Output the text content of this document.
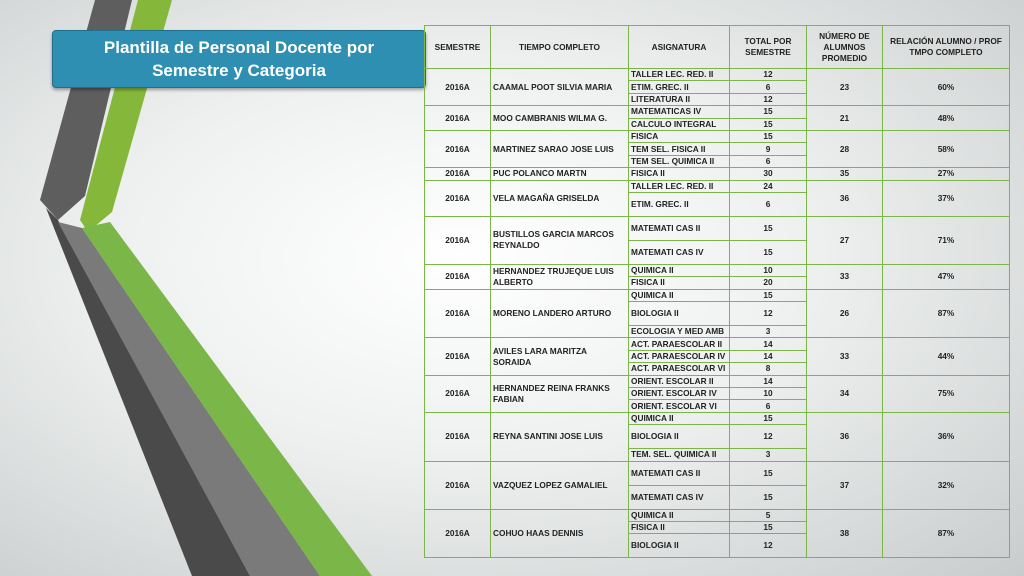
Plantilla de Personal Docente por
Semestre y Categoria
SEMESTRE	TIEMPO COMPLETO	ASIGNATURA	TOTAL POR SEMESTRE	NÚMERO DE ALUMNOS PROMEDIO	RELACIÓN ALUMNO / PROF TMPO COMPLETO
2016A	CAAMAL POOT SILVIA MARIA	TALLER LEC. RED. II	12	23	60%
		ETIM. GREC. II	6		
		LITERATURA II	12		
2016A	MOO CAMBRANIS WILMA G.	MATEMATICAS IV	15	21	48%
		CALCULO INTEGRAL	15		
2016A	MARTINEZ SARAO JOSE LUIS	FISICA	15	28	58%
		TEM SEL. FISICA II	9		
		TEM SEL. QUIMICA II	6		
2016A	PUC POLANCO MARTN	FISICA II	30	35	27%
2016A	VELA MAGAÑA GRISELDA	TALLER LEC. RED. II	24	36	37%
		ETIM. GREC. II	6		
2016A	BUSTILLOS GARCIA MARCOS REYNALDO	MATEMATI CAS II	15	27	71%
		MATEMATI CAS IV	15		
2016A	HERNANDEZ TRUJEQUE LUIS ALBERTO	QUIMICA II	10	33	47%
		FISICA II	20		
2016A	MORENO LANDERO ARTURO	QUIMICA II	15	26	87%
		BIOLOGIA II	12		
		ECOLOGIA Y MED AMB	3		
2016A	AVILES LARA MARITZA SORAIDA	ACT. PARAESCOLAR II	14	33	44%
		ACT. PARAESCOLAR IV	14		
		ACT. PARAESCOLAR VI	8		
2016A	HERNANDEZ REINA FRANKS FABIAN	ORIENT. ESCOLAR II	14	34	75%
		ORIENT. ESCOLAR IV	10		
		ORIENT. ESCOLAR VI	6		
2016A	REYNA SANTINI JOSE LUIS	QUIMICA II	15	36	36%
		BIOLOGIA II	12		
		TEM. SEL. QUIMICA II	3		
2016A	VAZQUEZ LOPEZ GAMALIEL	MATEMATI CAS II	15	37	32%
		MATEMATI CAS IV	15		
2016A	COHUO HAAS DENNIS	QUIMICA II	5	38	87%
		FISICA II	15		
		BIOLOGIA II	12		
